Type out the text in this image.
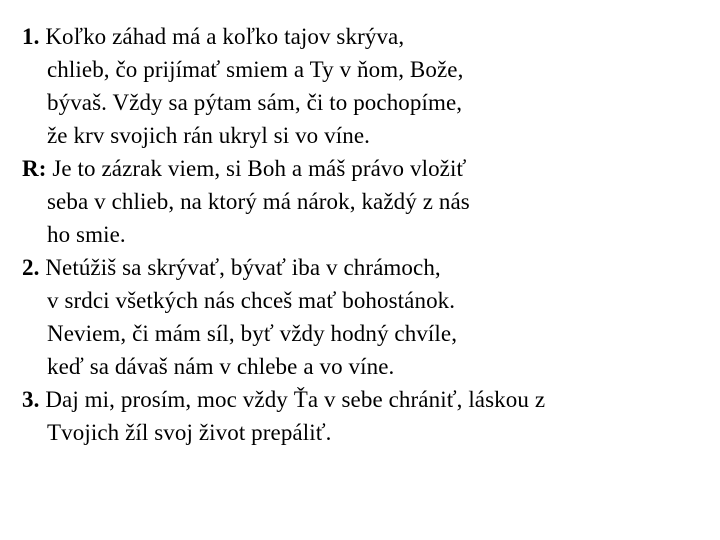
1. Koľko záhad má a koľko tajov skrýva,
chlieb, čo prijímať smiem a Ty v ňom, Bože,
bývaš. Vždy sa pýtam sám, či to pochopíme,
že krv svojich rán ukryl si vo víne.
R: Je to zázrak viem, si Boh a máš právo vložiť
seba v chlieb, na ktorý má nárok, každý z nás
ho smie.
2. Netúžiš sa skrývať, bývať iba v chrámoch,
v srdci všetkých nás chceš mať bohostánok.
Neviem, či mám síl, byť vždy hodný chvíle,
keď sa dávaš nám v chlebe a vo víne.
3. Daj mi, prosím, moc vždy Ťa v sebe chrániť, láskou z
Tvojich žíl svoj život prepáliť.
